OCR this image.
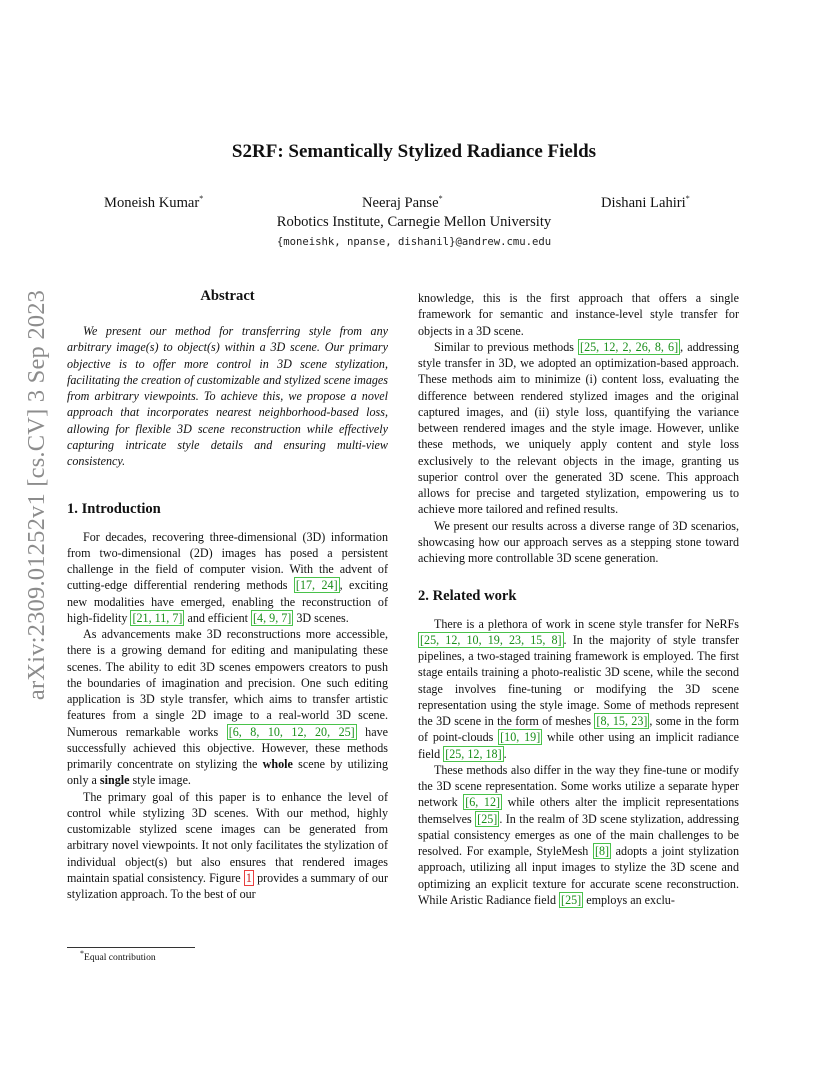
arXiv:2309.01252v1 [cs.CV] 3 Sep 2023
S2RF: Semantically Stylized Radiance Fields
Moneish Kumar*	Neeraj Panse*	Dishani Lahiri*
Robotics Institute, Carnegie Mellon University
{moneishk, npanse, dishanil}@andrew.cmu.edu
Abstract

We present our method for transferring style from any arbitrary image(s) to object(s) within a 3D scene. Our primary objective is to offer more control in 3D scene stylization, facilitating the creation of customizable and stylized scene images from arbitrary viewpoints. To achieve this, we propose a novel approach that incorporates nearest neighborhood-based loss, allowing for flexible 3D scene reconstruction while effectively capturing intricate style details and ensuring multi-view consistency.

1. Introduction

For decades, recovering three-dimensional (3D) information from two-dimensional (2D) images has posed a persistent challenge in the field of computer vision. With the advent of cutting-edge differential rendering methods [17, 24] , exciting new modalities have emerged, enabling the reconstruction of high-fidelity [21, 11, 7] and efficient [4, 9, 7] 3D scenes.

As advancements make 3D reconstructions more accessible, there is a growing demand for editing and manipulating these scenes. The ability to edit 3D scenes empowers creators to push the boundaries of imagination and precision. One such editing application is 3D style transfer, which aims to transfer artistic features from a single 2D image to a real-world 3D scene. Numerous remarkable works [6, 8, 10, 12, 20, 25] have successfully achieved this objective. However, these methods primarily concentrate on stylizing the whole scene by utilizing only a single style image.

The primary goal of this paper is to enhance the level of control while stylizing 3D scenes. With our method, highly customizable stylized scene images can be generated from arbitrary novel viewpoints. It not only facilitates the stylization of individual object(s) but also ensures that rendered images maintain spatial consistency. Figure 1 provides a summary of our stylization approach. To the best of our

*Equal contribution

knowledge, this is the first approach that offers a single framework for semantic and instance-level style transfer for objects in a 3D scene.

Similar to previous methods [25, 12, 2, 26, 8, 6] , addressing style transfer in 3D, we adopted an optimization-based approach. These methods aim to minimize (i) content loss, evaluating the difference between rendered stylized images and the original captured images, and (ii) style loss, quantifying the variance between rendered images and the style image. However, unlike these methods, we uniquely apply content and style loss exclusively to the relevant objects in the image, granting us superior control over the generated 3D scene. This approach allows for precise and targeted stylization, empowering us to achieve more tailored and refined results.

We present our results across a diverse range of 3D scenarios, showcasing how our approach serves as a stepping stone toward achieving more controllable 3D scene generation.

2. Related work

There is a plethora of work in scene style transfer for NeRFs [25, 12, 10, 19, 23, 15, 8] . In the majority of style transfer pipelines, a two-staged training framework is employed. The first stage entails training a photo-realistic 3D scene, while the second stage involves fine-tuning or modifying the 3D scene representation using the style image. Some of methods represent the 3D scene in the form of meshes [8, 15, 23] , some in the form of point-clouds [10, 19] while other using an implicit radiance field [25, 12, 18] .

These methods also differ in the way they fine-tune or modify the 3D scene representation. Some works utilize a separate hyper network [6, 12] while others alter the implicit representations themselves [25] . In the realm of 3D scene stylization, addressing spatial consistency emerges as one of the main challenges to be resolved. For example, StyleMesh [8] adopts a joint stylization approach, utilizing all input images to stylize the 3D scene and optimizing an explicit texture for accurate scene reconstruction. While Aristic Radiance field [25] employs an exclu-
